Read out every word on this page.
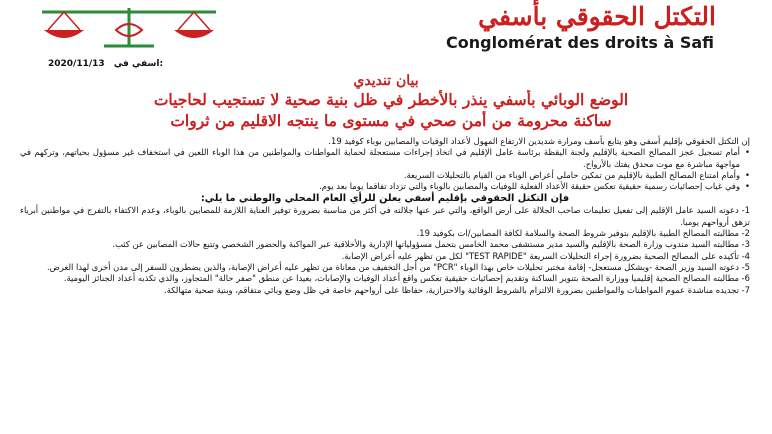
التكتل الحقوقي بأسفي
Conglomérat des droits à Safi
2020/11/13 اسفي في:
بيان تنديدي
الوضع الوبائي بأسفي ينذر بالأخطر في ظل بنية صحية لا تستجيب لحاجيات
ساكنة محرومة من أمن صحي في مستوى ما ينتجه الاقليم من ثروات

إن التكتل الحقوقي بإقليم أسفي وهو يتابع بأسف ومرارة شديدين الارتفاع المهول لأعداد الوفيات والمصابين بوباء كوفيد 19.

• أمام تسجيل عجز المصالح الصحية بالإقليم ولجنة اليقظة برئاسة عامل الإقليم في اتخاذ إجراءات مستعجلة لحماية المواطنات والمواطنين من هذا الوباء اللعين في استخفاف غير مسؤول بحياتهم، وتركهم في مواجهة مباشرة مع موت محدق يفتك بالأرواح.

• وأمام امتناع المصالح الطبية بالإقليم من تمكين حاملي أعراض الوباء من القيام بالتحليلات السريعة.

• وفي غياب إحصائيات رسمية حقيقية تعكس حقيقة الأعداد الفعلية للوفيات والمصابين بالوباء والتي تزداد تفاقما يوما بعد يوم.

فإن التكتل الحقوقي بإقليم أسفي يعلن للرأي العام المحلي والوطني ما يلي:

1- دعوته السيد عامل الإقليم إلى تفعيل تعليمات صاحب الجلالة على أرض الواقع، والتي عبر عنها جلالته في أكثر من مناسبة بضرورة توفير العناية اللازمة للمصابين بالوباء، وعدم الاكتفاء بالتفرج في مواطنين أبرياء تزهق أرواحهم يوميا.
2- مطالبته المصالح الطبية بالإقليم بتوفير شروط الصحة والسلامة لكافة المصابين/ات بكوفيد 19.
3- مطالبته السيد مندوب وزارة الصحة بالإقليم والسيد مدير مستشفى محمد الخامس بتحمل مسؤولياتها الإدارية والأخلاقية عبر المواكبة والحضور الشخصي وتتبع حالات المصابين عن كثب.
4- تأكيده على المصالح الصحية بضرورة إجراء التحليلات السريعة "TEST RAPIDE" لكل من تظهر عليه أعراض الإصابة.
5- دعوته السيد وزير الصحة -وبشكل مستعجل- إقامة مختبر تحليلات خاص بهذا الوباء "PCR" من أجل التخفيف من معاناة من تظهر عليه أعراض الإصابة، والذين يضطرون للسفر إلى مدن أخرى لهذا الغرض.
6- مطالبته المصالح الصحية إقليميا ووزارة الصحة بتنوير الساكنة وتقديم إحصائيات حقيقية تعكس واقع أعداد الوفيات والإصابات، بعيدا عن منطق "صفر حالة" المتجاوز، والذي تكذبه أعداد الجنائز اليومية.
7- تجديده مناشدة عموم المواطنات والمواطنين بضرورة الالتزام بالشروط الوقائية والاحترازية، حفاظا على أرواحهم خاصة في ظل وضع وبائي متفاقم، وبنية صحية متهالكة.
